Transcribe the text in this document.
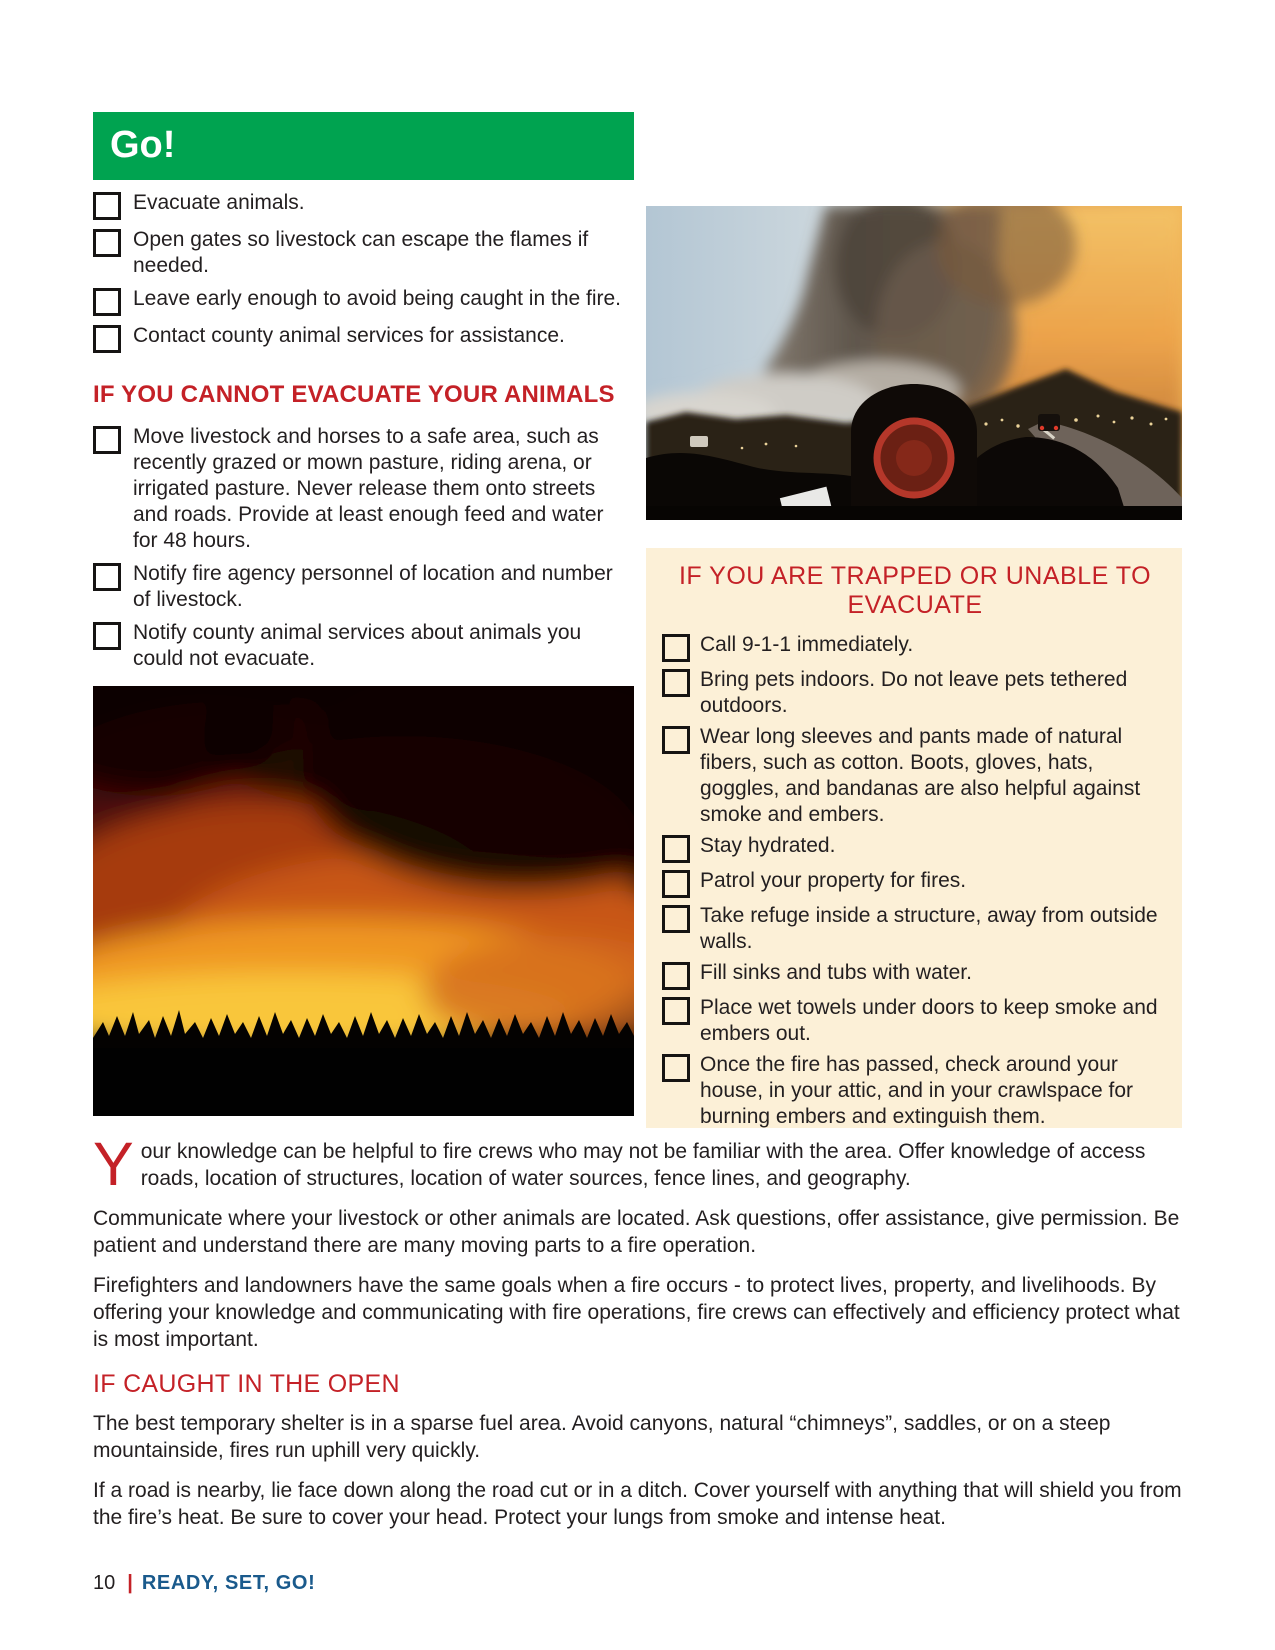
Go!
Evacuate animals.
Open gates so livestock can escape the flames if needed.
Leave early enough to avoid being caught in the fire.
Contact county animal services for assistance.
IF YOU CANNOT EVACUATE YOUR ANIMALS
Move livestock and horses to a safe area, such as recently grazed or mown pasture, riding arena, or irrigated pasture. Never release them onto streets and roads. Provide at least enough feed and water for 48 hours.
Notify fire agency personnel of location and number of livestock.
Notify county animal services about animals you could not evacuate.
IF YOU ARE TRAPPED OR UNABLE TO EVACUATE
Call 9-1-1 immediately.
Bring pets indoors. Do not leave pets tethered outdoors.
Wear long sleeves and pants made of natural fibers, such as cotton. Boots, gloves, hats, goggles, and bandanas are also helpful against smoke and embers.
Stay hydrated.
Patrol your property for fires.
Take refuge inside a structure, away from outside walls.
Fill sinks and tubs with water.
Place wet towels under doors to keep smoke and embers out.
Once the fire has passed, check around your house, in your attic, and in your crawlspace for burning embers and extinguish them.

Your knowledge can be helpful to fire crews who may not be familiar with the area. Offer knowledge of access roads, location of structures, location of water sources, fence lines, and geography.

Communicate where your livestock or other animals are located. Ask questions, offer assistance, give permission. Be patient and understand there are many moving parts to a fire operation.

Firefighters and landowners have the same goals when a fire occurs - to protect lives, property, and livelihoods. By offering your knowledge and communicating with fire operations, fire crews can effectively and efficiency protect what is most important.

IF CAUGHT IN THE OPEN

The best temporary shelter is in a sparse fuel area. Avoid canyons, natural “chimneys”, saddles, or on a steep mountainside, fires run uphill very quickly.

If a road is nearby, lie face down along the road cut or in a ditch. Cover yourself with anything that will shield you from the fire’s heat. Be sure to cover your head. Protect your lungs from smoke and intense heat.

10 | READY, SET, GO!
